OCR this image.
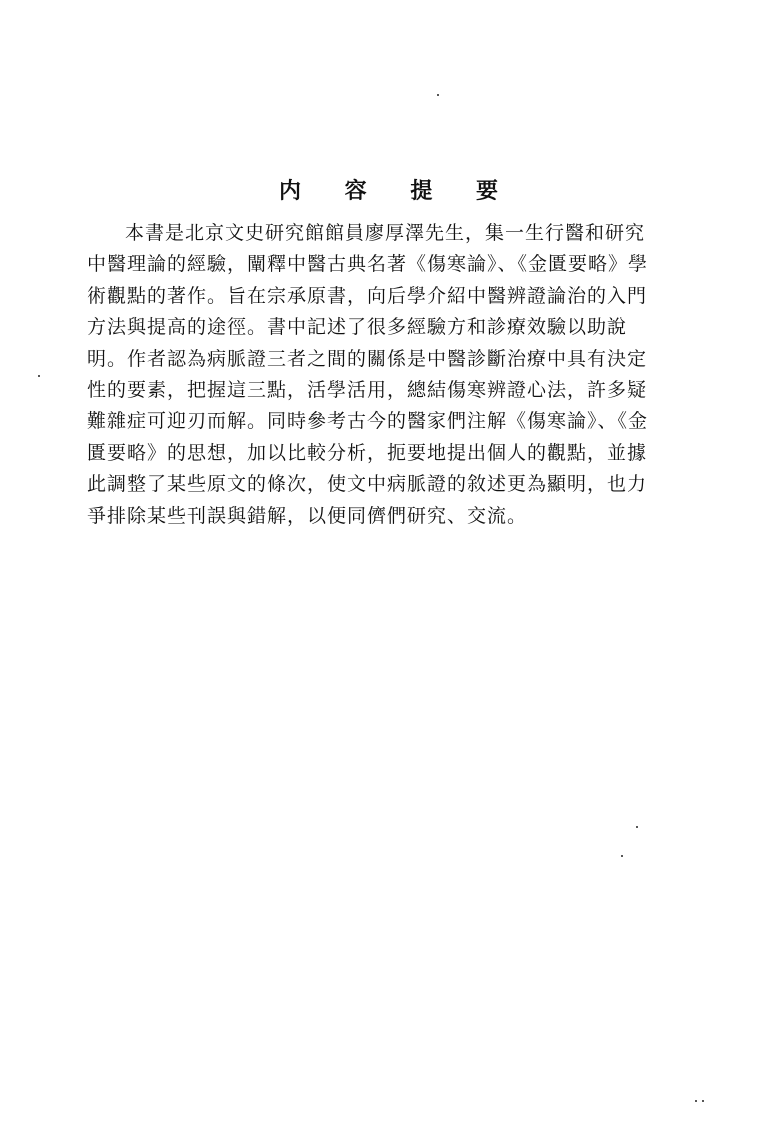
内 容 提 要
本書是北京文史研究館館員廖厚澤先生，集一生行醫和研究
中醫理論的經驗，闡釋中醫古典名著《傷寒論》、《金匱要略》學
術觀點的著作。旨在宗承原書，向后學介紹中醫辨證論治的入門
方法與提高的途徑。書中記述了很多經驗方和診療效驗以助說
明。作者認為病脈證三者之間的關係是中醫診斷治療中具有決定
性的要素，把握這三點，活學活用，總結傷寒辨證心法，許多疑
難雜症可迎刃而解。同時參考古今的醫家們注解《傷寒論》、《金
匱要略》的思想，加以比較分析，扼要地提出個人的觀點，並據
此調整了某些原文的條次，使文中病脈證的敘述更為顯明，也力
爭排除某些刊誤與錯解，以便同儕們研究、交流。
